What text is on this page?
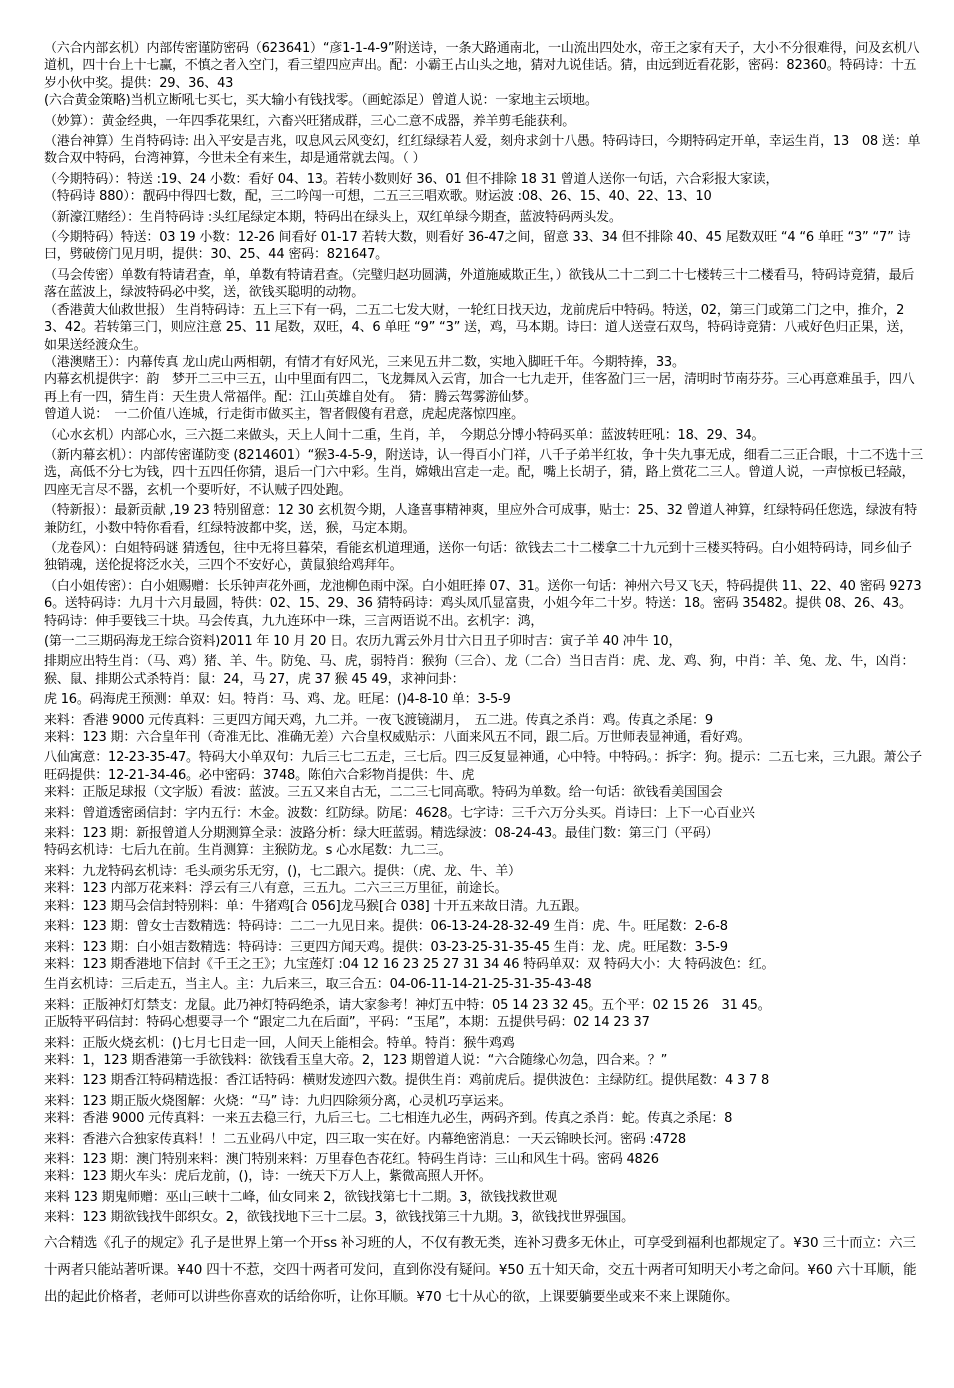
（六合内部玄机）内部传密谨防密码（623641）“彦1-1-4-9”附送诗，一条大路通南北，一山流出四处水，帝王之家有天子，大小不分很难得，问及玄机八道机，四十台上十七赢，不慎之者入空门，看三望四应声出。配：小霸王占山头之地，猜对九说佳话。猜，由远到近看花影，密码：82360。特码诗：十五岁小伙中奖。提供：29、36、43

(六合黄金策略)当机立断吼七买七，买大输小有钱找零。（画蛇添足）曾道人说：一家地主云顷地。

（妙算）：黄金经典，一年四季花果红，六畜兴旺猪成群，三心二意不成器，养羊剪毛能获利。

（港台神算）生肖特码诗: 出入平安是吉兆，叹息风云风变幻，红红绿绿若人爱，刻舟求剑十八愚。特码诗曰，今期特码定开单，幸运生肖，13　08 送：单数合双中特码，台湾神算，今世未全有来生，却是通常就去闯。（ ）

（今期特码）：特送 :19、24 小数：看好 04、13。若转小数则好 36、01 但不排除 18 31 曾道人送你一句话，六合彩报大家读，

（特码诗 880）：靓码中得四七数，配，三二吟闯一可想，二五三三唱欢歌。财运波 :08、26、15、40、22、13、10

（新濠江赌经）：生肖特码诗 :头红尾绿定本期，特码出在绿头上，双红单绿今期查，蓝波特码两头发。

（今期特码）特送：03 19 小数：12-26 间看好 01-17 若转大数，则看好 36-47之间，留意 33、34 但不排除 40、45 尾数双旺 “4 “6 单旺 “3” “7” 诗曰，劈破傍门见月明，提供：30、25、44 密码：821647。

（马会传密）单数有特请君查，单，单数有特请君查。（完璧归赵功圆满，外道施威欺正生，）欲钱从二十二到二十七楼转三十二楼看马，特码诗竟猜，最后落在蓝波上，绿波特码必中奖，送，欲钱买聪明的动物。

（香港黄大仙救世报） 生肖特码诗：五上三下有一码，二五二七发大财，一轮红日找天边，龙前虎后中特码。特送，02，第三门或第二门之中，推介，23、42。若转第三门，则应注意 25、11 尾数，双旺，4、6 单旺 “9” “3” 送，鸡，马本期。诗曰：道人送壹石双鸟，特码诗竟猜：八戒好色归正果，送，如果送经渡众生。

（港澳赌王）：内幕传真 龙山虎山两相朝，有情才有好风光，三来见五井二数，实地入脚旺千年。今期特捧，33。

内幕玄机提供字：韵　梦开二三中三五，山中里面有四二，飞龙舞凤入云宵，加合一七九走开，佳客盈门三一居，清明时节南芬芬。三心再意难虽手，四八再上有一四，猜生肖：天生贵人常福伴。配：江山英雄自处有。　猜：腾云驾雾游仙梦。

曾道人说：　一二价值八连城，行走街市做买主，智者假傻有君意，虎起虎落惊四座。

（心水玄机）内部心水，三六挺二来做头，天上人间十二重，生肖，羊，　今期总分博小特码买单：蓝波转旺吼：18、29、34。

（新内幕玄机）：内部传密谨防变 (8214601）“猴3-4-5-9，附送诗，认一得百小门祥，八千子弟半红妆，争十失九事无成，细看二三正合眼，十二不选十三选，高低不分七为钱，四十五四任你猜，退后一门六中彩。生肖，嫦娥出宫走一走。配，嘴上长胡子，猜，路上赏花二三人。曾道人说，一声惊板已轻敲，四座无言尽不器，玄机一个要听好，不认贼子四处跑。

（特新报）：最新贡献 ,19 23 特别留意：12 30 玄机贺今期，人逢喜事精神爽，里应外合可成事，贴士：25、32 曾道人神算，红绿特码任您选，绿波有特兼防红，小数中特你看看，红绿特波都中奖，送，猴，马定本期。

（龙卷风）：白姐特码谜 猜透包，往中无将旦暮荣，看能玄机道理通，送你一句话：欲钱去二十二楼拿二十九元到十三楼买特码。白小姐特码诗，同乡仙子独销魂，送伦捉将泛水关，三四个不安好心，黄鼠狼给鸡拜年。

（白小姐传密）：白小姐赐赠：长乐钟声花外画，龙池柳色雨中深。白小姐旺捧 07、31。送你一句话：神州六号又飞天，特码提供 11、22、40 密码 92736。送特码诗：九月十六月最圆，特供：02、15、29、36 猜特码诗：鸡头凤爪显富贵，小姐今年二十岁。特送：18。密码 35482。提供 08、26、43。特码诗：伸手要钱三十块。马会传真，九九连环中一珠，三言两语说不出。玄机字：鸿，

(第一二三期码海龙王综合资料)2011 年 10 月 20 日。农历九霄云外月廿六日丑子卯时吉：寅子羊 40 冲牛 10，

排期应出特生肖：（马、鸡）猪、羊、牛。防兔、马、虎，弱特肖：猴狗（三合）、龙（二合）当日吉肖：虎、龙、鸡、狗，中肖：羊、兔、龙、牛，凶肖：猴、鼠、排期公式杀特肖：鼠：24，马 27，虎 37 猴 45 49，求神问卦：

虎 16。码海虎王预测：单双：妇。特肖：马、鸡、龙。旺尾：()4-8-10 单：3-5-9

来料：香港 9000 元传真料：三更四方闻天鸡，九二并。一夜飞渡镜湖月，　五二进。传真之杀肖：鸡。传真之杀尾：9

来料：123 期：六合皇年刊（奇准无比、准确无差）六合皇权威贴示：八面来风五不同，跟二后。万世师表显神通，看好鸡。

八仙寓意：12-23-35-47。特码大小单双句：九后三七二五走，三七后。四三反复显神通，心中特。中特码。：拆字：狗。提示：二五七来，三九跟。萧公子旺码提供：12-21-34-46。必中密码：3748。陈伯六合彩物肖提供：牛、虎

来料：正版足球报（文字版）看波：蓝波。三五又来自古无，二二三七同高歌。特码为单数。给一句话：欲钱看美国国会

来料：曾道透密函信封：字内五行：木金。波数：红防绿。防尾：4628。七字诗：三千六万分头买。肖诗曰：上下一心百业兴

来料：123 期：新报曾道人分期测算全录：波路分析：绿大旺蓝弱。精选绿波：08-24-43。最佳门数：第三门（平码）

特码玄机诗：七后九在前。生肖测算：主猴防龙。s 心水尾数：九二三。

来料：九龙特码玄机诗：毛头顽劣乐无穷，()，七二跟六。提供：（虎、龙、牛、羊）

来料：123 内部万花来料：浮云有三八有意，三五九。二六三三万里征，前途长。

来料：123 期马会信封特别料：单：牛猪鸡[合 056]龙马猴[合 038] 十开五来故日清。九五跟。

来料：123 期：曾女士吉数精选：特码诗：二二一九见日来。提供：06-13-24-28-32-49 生肖：虎、牛。旺尾数：2-6-8

来料：123 期：白小姐吉数精选：特码诗：三更四方闻天鸡。提供：03-23-25-31-35-45 生肖：龙、虎。旺尾数：3-5-9

来料：123 期香港地下信封《千王之王》；九宝莲灯 :04 12 16 23 25 27 31 34 46 特码单双：双 特码大小：大 特码波色：红。

生肖玄机诗：三后走五，当主人。主：九后来三，取三合五：04-06-11-14-21-25-31-35-43-48

来料：正版神灯灯禁支：龙鼠。此乃神灯特码绝杀，请大家参考！神灯五中特：05 14 23 32 45。五个平：02 15 26　31 45。

正版特平码信封：特码心想要寻一个 “跟定二九在后面”，平码：“玉尾”，本期：五提供号码：02 14 23 37

来料：正版火烧玄机：()七月七日走一回，人间天上能相会。特单。特肖：猴牛鸡鸡

来料：1，123 期香港第一手欲钱料：欲钱看玉皇大帝。2，123 期曾道人说：“六合随缘心勿急，四合来。？”

来料：123 期香江特码精选报：香江话特码：横财发迹四六数。提供生肖：鸡前虎后。提供波色：主绿防红。提供尾数：4 3 7 8

来料：123 期正版火烧图解：火烧：“马” 诗：九归四除须分离，心灵机巧享运来。

来料：香港 9000 元传真料：一来五去稳三行，九后三七。二七相连九必生，两码齐到。传真之杀肖：蛇。传真之杀尾：8

来料：香港六合独家传真料！！二五业码八中定，四三取一实在好。内幕绝密消息：一天云锦映长河。密码 :4728

来料：123 期：澳门特别来料：澳门特别来料：万里春色杏花红。特码生肖诗：三山和风生十码。密码 4826

来料：123 期火车头：虎后龙前，()，诗：一统天下万人上，紫微高照人开怀。

来料 123 期鬼师赠：巫山三峡十二峰，仙女同来 2，欲钱找第七十二期。3，欲钱找救世观

来料：123 期欲钱找牛郎织女。2，欲钱找地下三十二层。3，欲钱找第三十九期。3，欲钱找世界强国。

六合精选《孔子的规定》孔子是世界上第一个开ss 补习班的人，不仅有教无类，连补习费多无休止，可享受到福利也都规定了。¥30 三十而立：六三十两者只能站著听课。¥40 四十不惹，交四十两者可发问，直到你没有疑问。¥50 五十知天命，交五十两者可知明天小考之命问。¥60 六十耳顺，能出的起此价格者，老师可以讲些你喜欢的话给你听，让你耳顺。¥70 七十从心的欲，上课要躺要坐或来不来上课随你。
